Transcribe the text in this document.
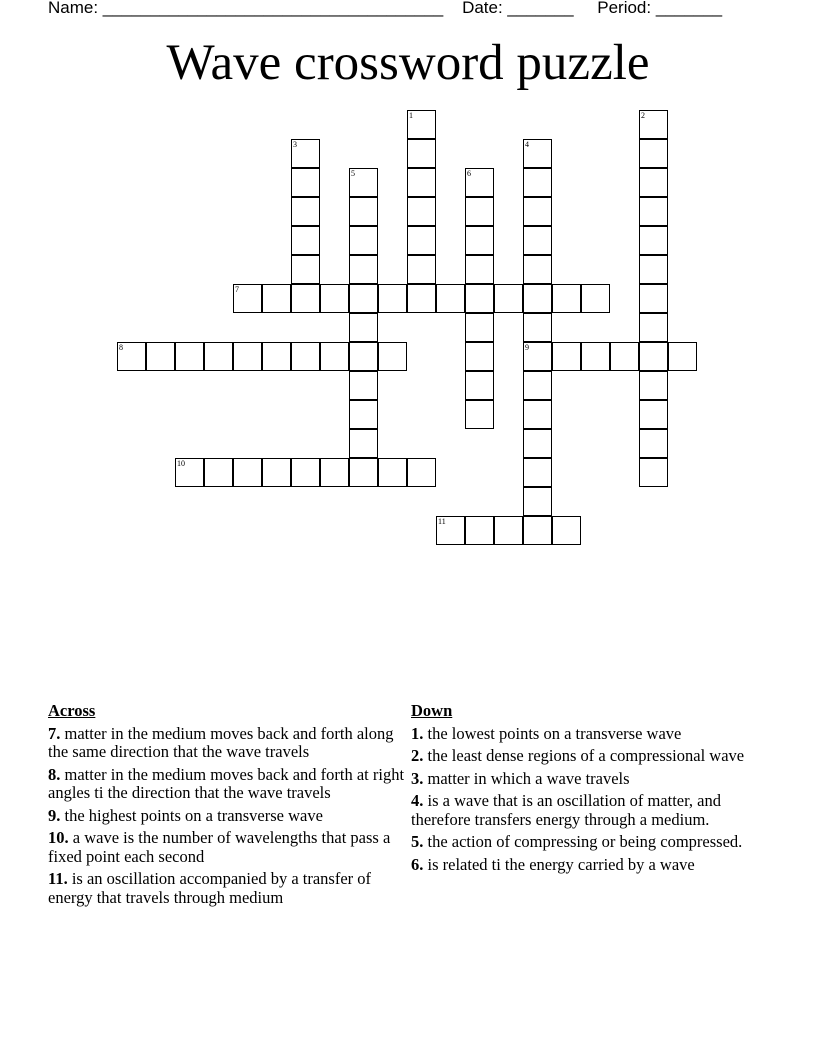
Name: ____________________________________ Date: _______ Period: _______
Wave crossword puzzle
1	2
3	4
9
5	6
7
8
10
11
Across
7. matter in the medium moves back and forth along the same direction that the wave travels
8. matter in the medium moves back and forth at right angles ti the direction that the wave travels
9. the highest points on a transverse wave
10. a wave is the number of wavelengths that pass a fixed point each second
11. is an oscillation accompanied by a transfer of energy that travels through medium
Down
1. the lowest points on a transverse wave
2. the least dense regions of a compressional wave
3. matter in which a wave travels
4. is a wave that is an oscillation of matter, and therefore transfers energy through a medium.
5. the action of compressing or being compressed.
6. is related ti the energy carried by a wave
